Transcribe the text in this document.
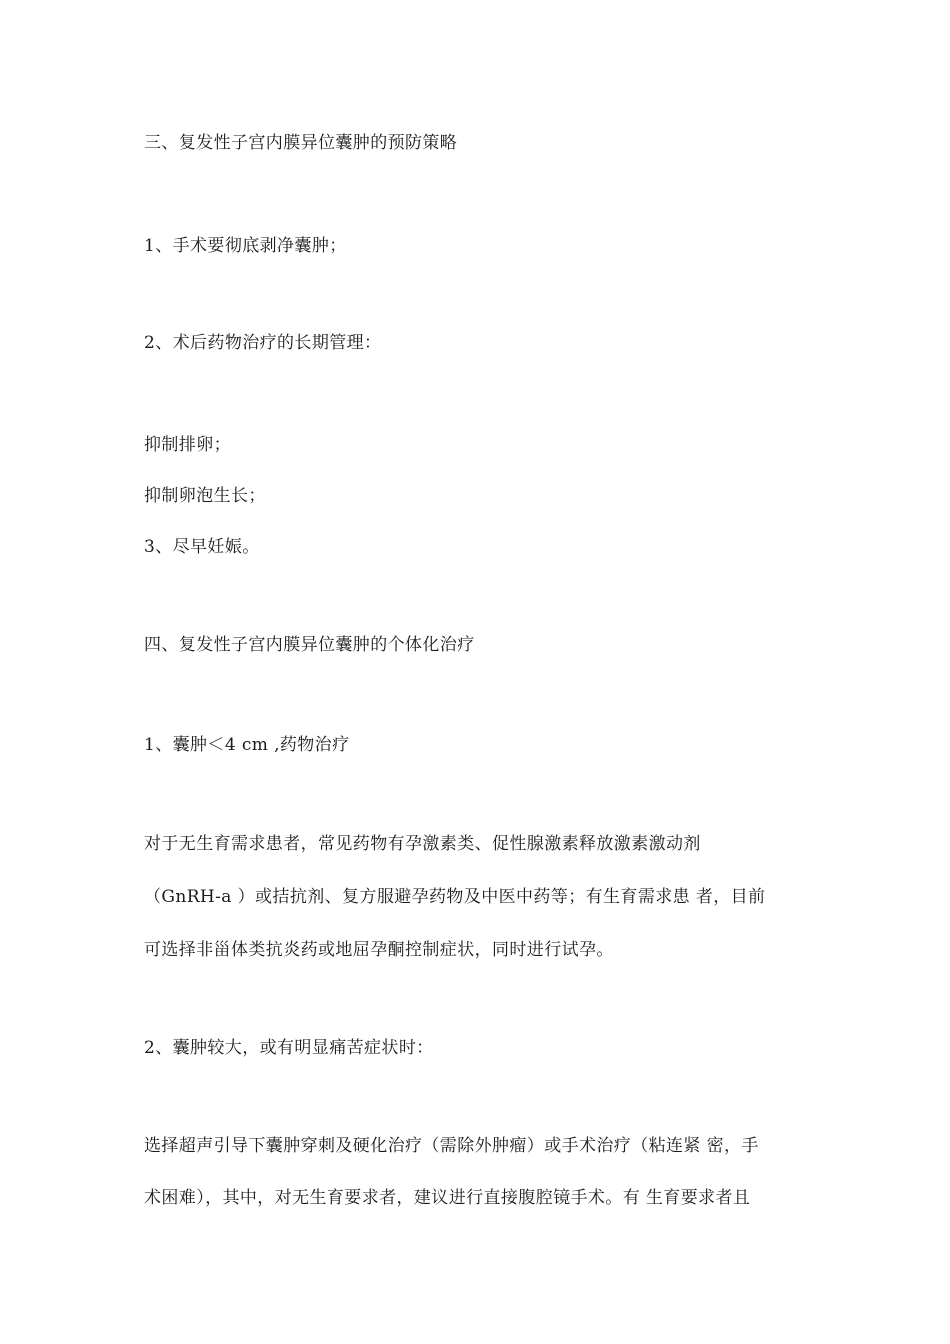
三、复发性子宫内膜异位囊肿的预防策略
1、手术要彻底剥净囊肿；
2、术后药物治疗的长期管理：
抑制排卵；
抑制卵泡生长；
3、尽早妊娠。
四、复发性子宫内膜异位囊肿的个体化治疗
1、囊肿＜4 cm ,药物治疗
对于无生育需求患者，常见药物有孕激素类、促性腺激素释放激素激动剂
（GnRH-a ）或拮抗剂、复方服避孕药物及中医中药等；有生育需求患 者，目前
可选择非甾体类抗炎药或地屈孕酮控制症状，同时进行试孕。
2、囊肿较大，或有明显痛苦症状时：
选择超声引导下囊肿穿刺及硬化治疗（需除外肿瘤）或手术治疗（粘连紧 密，手
术困难），其中，对无生育要求者，建议进行直接腹腔镜手术。有 生育要求者且
